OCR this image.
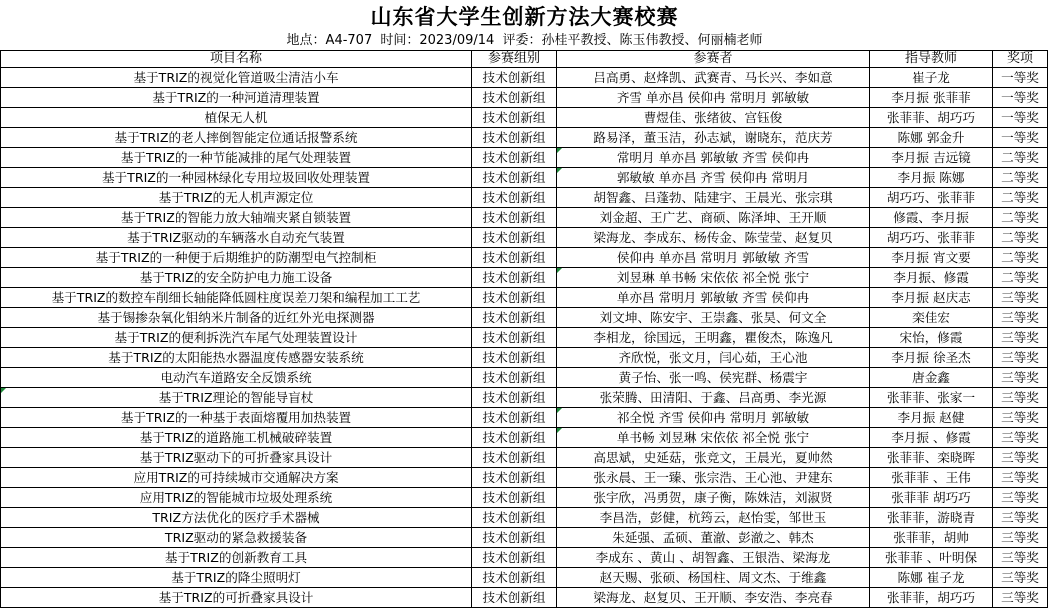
山东省大学生创新方法大赛校赛
地点：A4-707 时间：2023/09/14 评委：孙桂平教授、陈玉伟教授、何丽楠老师
项目名称	参赛组别	参赛者	指导教师	奖项
基于TRIZ的视觉化管道吸尘清洁小车	技术创新组	吕高勇、赵烽凯、武赛青、马长兴、李如意	崔子龙	一等奖
基于TRIZ的一种河道清理装置	技术创新组	齐雪 单亦昌 侯仰冉 常明月 郭敏敏	李月振 张菲菲	一等奖
植保无人机	技术创新组	曹煜佳、张绪彼、宫钰俊	张菲菲、胡巧巧	一等奖
基于TRIZ的老人摔倒智能定位通话报警系统	技术创新组	路易泽，董玉洁，孙志斌，谢晓东，范庆芳	陈娜 郭金升	一等奖
基于TRIZ的一种节能减排的尾气处理装置	技术创新组	常明月 单亦昌 郭敏敏 齐雪 侯仰冉	李月振 吉远镜	二等奖
基于TRIZ的一种园林绿化专用垃圾回收处理装置	技术创新组	郭敏敏 单亦昌 齐雪 侯仰冉 常明月	李月振 陈娜	二等奖
基于TRIZ的无人机声源定位	技术创新组	胡智鑫、吕蓬勃、陆建宇、王晨光、张宗琪	胡巧巧、张菲菲	二等奖
基于TRIZ的智能力放大轴端夹紧自锁装置	技术创新组	刘金超、王广艺、商硕、陈泽坤、王开顺	修霞、李月振	二等奖
基于TRIZ驱动的车辆落水自动充气装置	技术创新组	梁海龙、李成东、杨传金、陈莹莹、赵复贝	胡巧巧、张菲菲	二等奖
基于TRIZ的一种便于后期维护的防潮型电气控制柜	技术创新组	侯仰冉 单亦昌 常明月 郭敏敏 齐雪	李月振 宵文要	二等奖
基于TRIZ的安全防护电力施工设备	技术创新组	刘昱琳 单书畅 宋依依 祁全悦 张宁	李月振、修霞	二等奖
基于TRIZ的数控车削细长轴能降低圆柱度误差刀架和编程加工工艺	技术创新组	单亦昌 常明月 郭敏敏 齐雪 侯仰冉	李月振 赵庆志	三等奖
基于锡掺杂氧化钼纳米片制备的近红外光电探测器	技术创新组	刘文坤、陈安宇、王崇鑫、张昊、何文全	栾佳宏	三等奖
基于TRIZ的便利拆洗汽车尾气处理装置设计	技术创新组	李相龙，徐国远，王明鑫，瞿俊杰，陈逸凡	宋怡，修霞	三等奖
基于TRIZ的太阳能热水器温度传感器安装系统	技术创新组	齐欣悦，张文月，闫心茹，王心池	李月振 徐圣杰	三等奖
电动汽车道路安全反馈系统	技术创新组	黄子怡、张一鸣、侯宪群、杨震宇	唐金鑫	三等奖
基于TRIZ理论的智能导盲杖	技术创新组	张荣腾、田清阳、于鑫、吕高勇、李光源	张菲菲、张家一	三等奖
基于TRIZ的一种基于表面熔覆用加热装置	技术创新组	祁全悦 齐雪 侯仰冉 常明月 郭敏敏	李月振 赵健	三等奖
基于TRIZ的道路施工机械破碎装置	技术创新组	单书畅 刘昱琳 宋依依 祁全悦 张宁	李月振 、修霞	三等奖
基于TRIZ驱动下的可折叠家具设计	技术创新组	高思斌，史延菇，张竞文，王晨光，夏帅然	张菲菲、栾晓晖	三等奖
应用TRIZ的可持续城市交通解决方案	技术创新组	张永晨、王一臻、张宗浩、王心池、尹建东	张菲菲 、王伟	三等奖
应用TRIZ的智能城市垃圾处理系统	技术创新组	张宇欣，冯勇贺，康子衡，陈姝洁，刘淑贤	张菲菲 胡巧巧	三等奖
TRIZ方法优化的医疗手术器械	技术创新组	李昌浩，彭健，杭筠云，赵怡雯，邹世玉	张菲菲，游晓青	三等奖
TRIZ驱动的紧急救援装备	技术创新组	朱延强、孟硕、董澈、彭澈之、韩杰	张菲菲，胡帅	三等奖
基于TRIZ的创新教育工具	技术创新组	李成东 、黄山 、胡智鑫、王银浩、梁海龙	张菲菲 、叶明保	三等奖
基于TRIZ的降尘照明灯	技术创新组	赵天赐、张硕、杨国柱、周文杰、于维鑫	陈娜 崔子龙	三等奖
基于TRIZ的可折叠家具设计	技术创新组	梁海龙、赵复贝、王开顺、李安浩、李亮春	张菲菲，胡巧巧	三等奖
